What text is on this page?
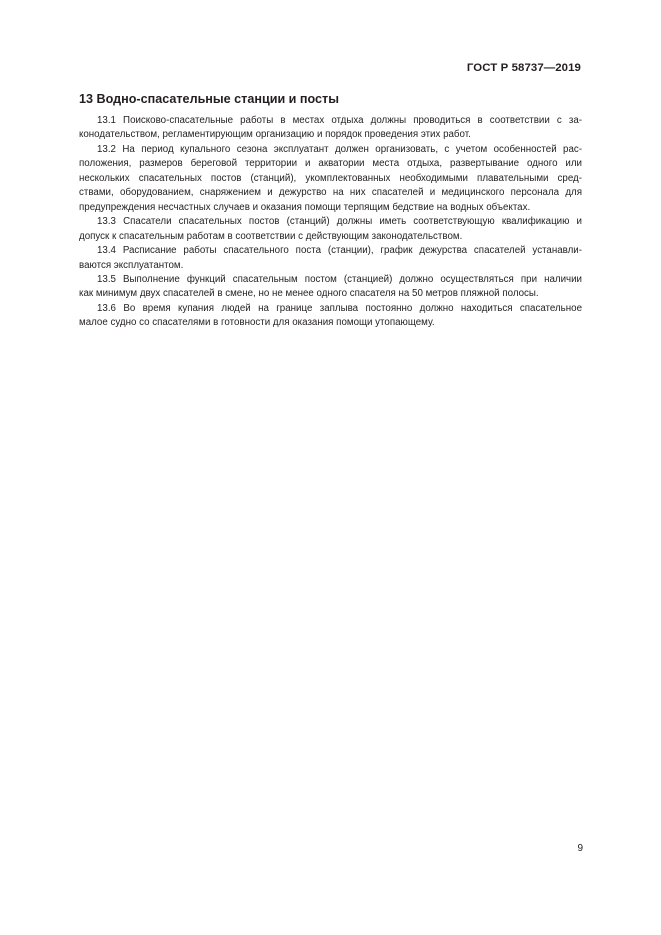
ГОСТ Р 58737—2019
13 Водно-спасательные станции и посты

13.1 Поисково-спасательные работы в местах отдыха должны проводиться в соответствии с за-
конодательством, регламентирующим организацию и порядок проведения этих работ.

13.2 На период купального сезона эксплуатант должен организовать, с учетом особенностей рас-
положения, размеров береговой территории и акватории места отдыха, развертывание одного или
нескольких спасательных постов (станций), укомплектованных необходимыми плавательными сред-
ствами, оборудованием, снаряжением и дежурство на них спасателей и медицинского персонала для
предупреждения несчастных случаев и оказания помощи терпящим бедствие на водных объектах.

13.3 Спасатели спасательных постов (станций) должны иметь соответствующую квалификацию и
допуск к спасательным работам в соответствии с действующим законодательством.

13.4 Расписание работы спасательного поста (станции), график дежурства спасателей устанавли-
ваются эксплуатантом.

13.5 Выполнение функций спасательным постом (станцией) должно осуществляться при наличии
как минимум двух спасателей в смене, но не менее одного спасателя на 50 метров пляжной полосы.

13.6 Во время купания людей на границе заплыва постоянно должно находиться спасательное
малое судно со спасателями в готовности для оказания помощи утопающему.

9
